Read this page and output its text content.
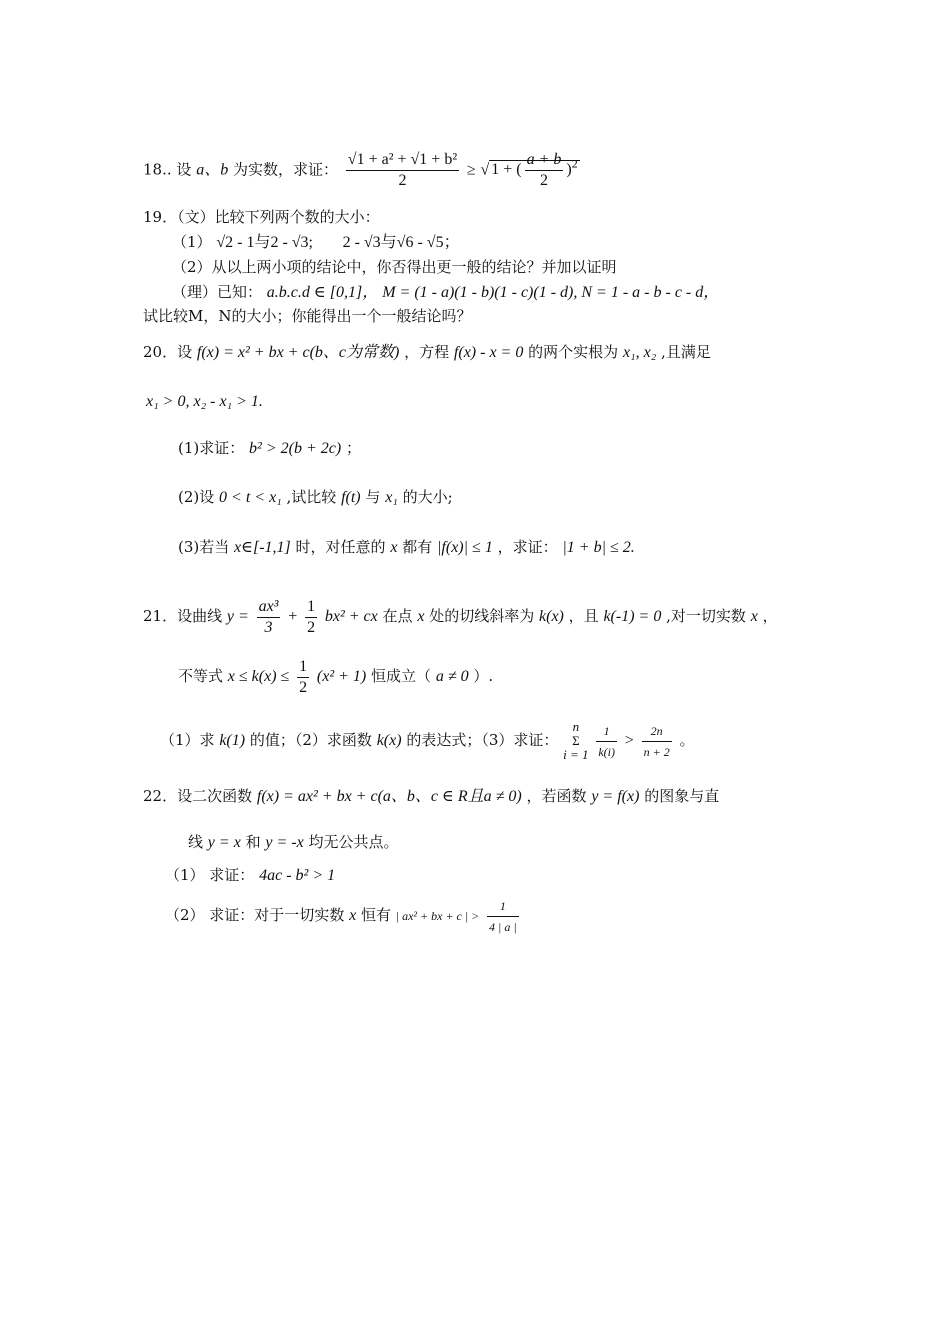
18.. 设 a、b 为实数，求证： $\frac{\text{√1 + a² + √1 + b²}}{2}$ ≥ √ 1 + ( $\frac{a + b}{2} )^2$
19．（文）比较下列两个数的大小：
（1） √2 - 1与2 - √3; 2 - √3与√6 - √5；
（2）从以上两小项的结论中，你否得出更一般的结论？并加以证明
（理）已知： a.b.c.d ∈ [0,1]， M = (1 - a)(1 - b)(1 - c)(1 - d), N = 1 - a - b - c - d，
试比较M，N的大小；你能得出一个一般结论吗？
20．设 f(x) = x² + bx + c(b、c为常数) ，方程 f(x) - x = 0 的两个实根为 x₁, x₂ ,且满足
x₁ > 0, x₂ - x₁ > 1.
(1)求证： b² > 2(b + 2c) ；
(2)设 0 < t < x₁ ,试比较 f(t) 与 x₁ 的大小;
(3)若当 x∈[-1,1] 时，对任意的 x 都有 |f(x)| ≤ 1 ，求证： |1 + b| ≤ 2.
21．设曲线 $y = \frac{\text{ax³}}{3} + \frac{1}{2} bx^2$ + cx 在点 x 处的切线斜率为 k(x) ，且 k(-1) = 0 ,对一切实数 x ，
不等式 $x \le k(x) \le \frac{1}{2} (x^2 + 1)$ 恒成立（ a ≠ 0 ）.
（1）求 k(1) 的值；（2）求函数 k(x) 的表达式；（3）求证：
n
Σ
i = 1
$\frac{1}{k(i)} > \frac{2n}{n + 2}$ 。
22．设二次函数 f(x) = ax² + bx + c(a、b、c ∈ R且a ≠ 0) ，若函数 y = f(x) 的图象与直
线 y = x 和 y = -x 均无公共点。
（1） 求证： 4ac - b² > 1
（2） 求证：对于一切实数 x 恒有 | ax² + bx + c | > $\frac{1}{4 | a |}$
